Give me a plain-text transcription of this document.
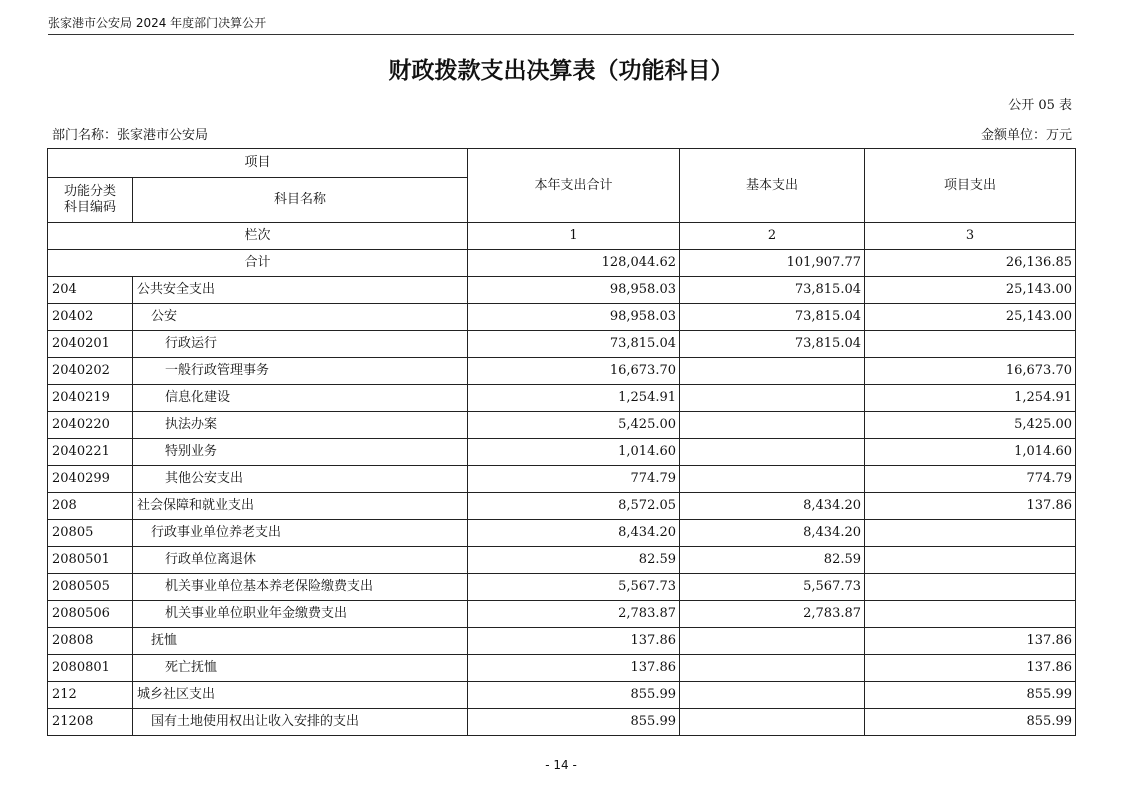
张家港市公安局 2024 年度部门决算公开
财政拨款支出决算表（功能科目）
公开 05 表
部门名称：张家港市公安局	金额单位：万元
项目		本年支出合计	基本支出	项目支出
功能分类
科目编码	科目名称			
栏次		1	2	3
合计		128,044.62	101,907.77	26,136.85
204	公共安全支出	98,958.03	73,815.04	25,143.00
20402	公安	98,958.03	73,815.04	25,143.00
2040201	行政运行	73,815.04	73,815.04	
2040202	一般行政管理事务	16,673.70		16,673.70
2040219	信息化建设	1,254.91		1,254.91
2040220	执法办案	5,425.00		5,425.00
2040221	特别业务	1,014.60		1,014.60
2040299	其他公安支出	774.79		774.79
208	社会保障和就业支出	8,572.05	8,434.20	137.86
20805	行政事业单位养老支出	8,434.20	8,434.20	
2080501	行政单位离退休	82.59	82.59	
2080505	机关事业单位基本养老保险缴费支出	5,567.73	5,567.73	
2080506	机关事业单位职业年金缴费支出	2,783.87	2,783.87	
20808	抚恤	137.86		137.86
2080801	死亡抚恤	137.86		137.86
212	城乡社区支出	855.99		855.99
21208	国有土地使用权出让收入安排的支出	855.99		855.99
- 14 -
